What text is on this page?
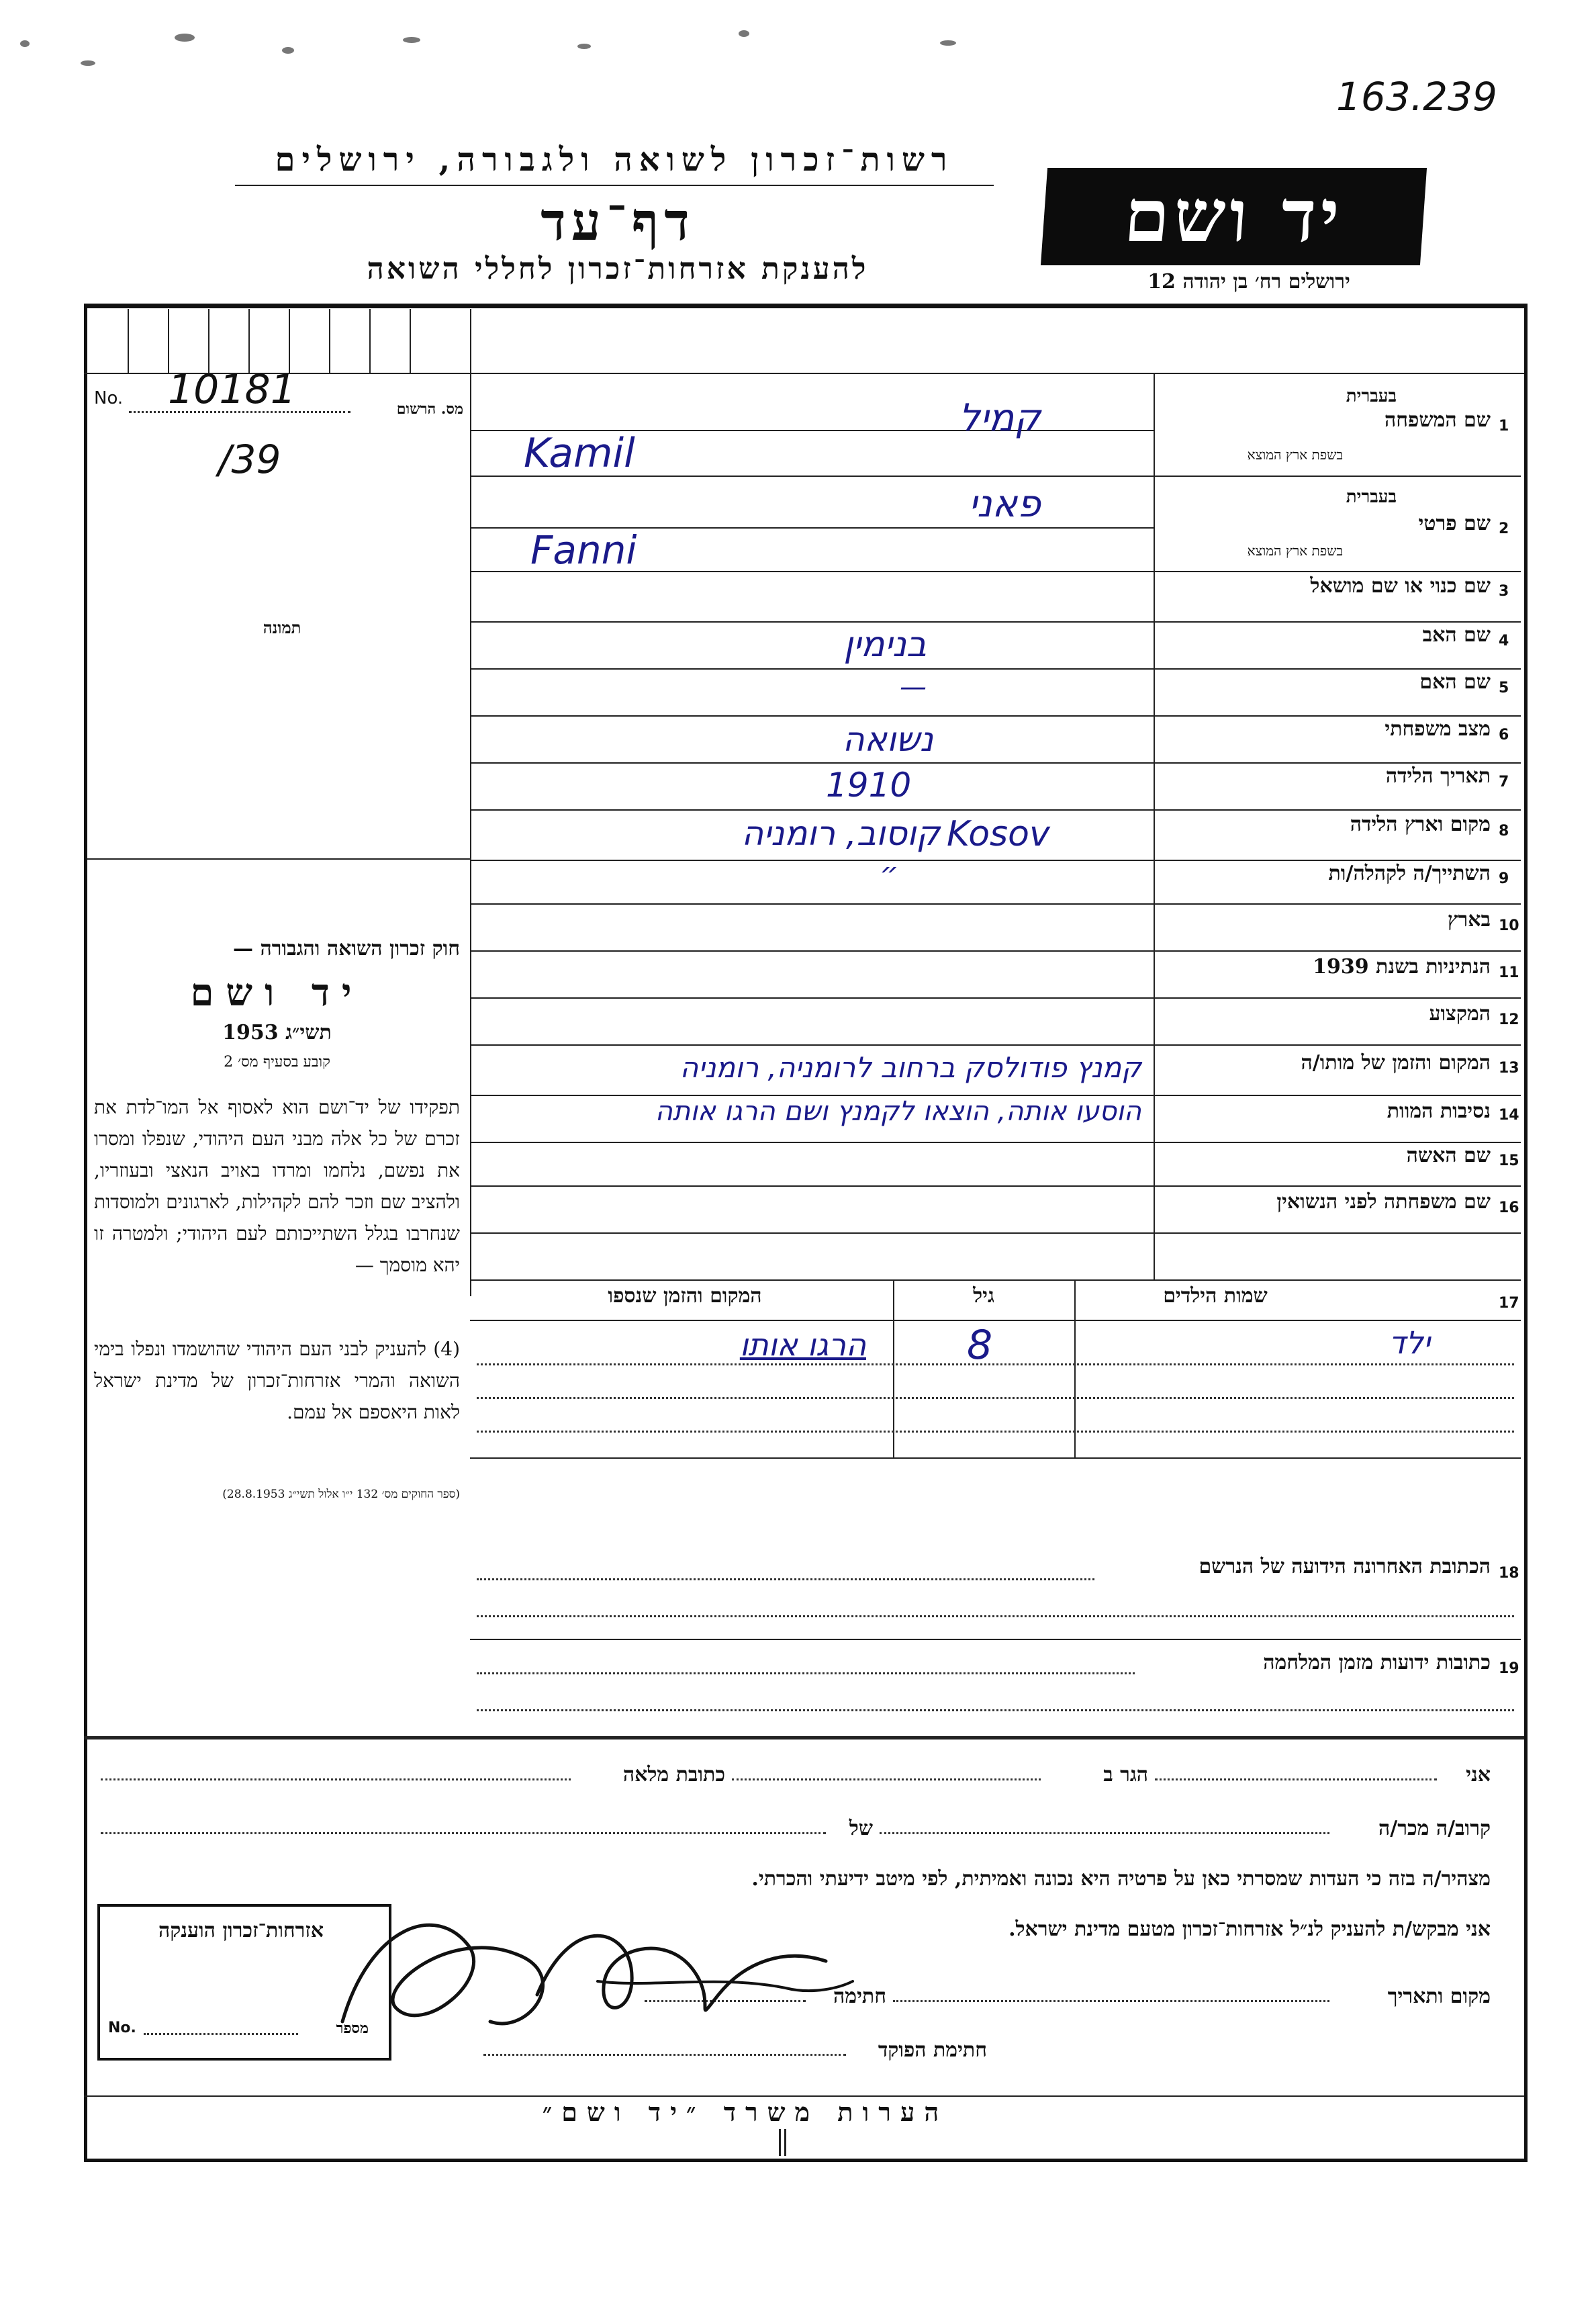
163.239
רשות־זכרון לשואה ולגבורה, ירושלים
דף־עד
להענקת אזרחות־זכרון לחללי השואה
יד ושם
ירושלים רח׳ בן יהודה 12
No. 10181	מס. הרשום
/39
תמונה
חוק זכרון השואה והגבורה —
יד ושם
תשי״ג 1953
קובע בסעיף מס׳ 2
תפקידו של יד־ושם הוא לאסוף אל המו־לדת את זכרם של כל אלה מבני העם היהודי, שנפלו ומסרו את נפשם, נלחמו ומרדו באויב הנאצי ובעוזריו, ולהציב שם וזכר להם לקהילות, לארגונים ולמוסדות שנחרבו בגלל השתייכותם לעם היהודי; ולמטרה זו יהא מוסמך —
(4) להעניק לבני העם היהודי שהושמדו ונפלו בימי השואה והמרי אזרחות־זכרון של מדינת ישראל לאות היאספם אל עמם.
(ספר החוקים מס׳ 132 י״ו אלול תשי״ג 28.8.1953)
1
שם המשפחה
בעברית
בשפת ארץ המוצא
קמיל
Kamil
2
שם פרטי
בעברית
בשפת ארץ המוצא
פאני
Fanni
3
שם כנוי או שם מושאל
4
שם האב
בנימין
5
שם האם
—
6
מצב משפחתי
נשואה
7
תאריך הלידה
1910
8
מקום וארץ הלידה
קוסוב, רומניה Kosov
9
השתייך/ה לקהלה/ות
״
10
בארץ
11
הנתיניות בשנת 1939
12
המקצוע
13
המקום והזמן של מותו/ה
קמנץ פודולסק ברחוב לרומניה, רומניה
14
נסיבות המוות
הוסעו אותה, הוצאו לקמנץ ושם הרגו אותה
15
שם האשה
16
שם משפחתה לפני הנשואין
17
שמות הילדים
גיל
המקום והזמן שנספו
ילד
8
הרגו אותו
18
הכתובת האחרונה הידועה של הנרשם
19
כתובות ידועות מזמן המלחמה
אני
הגר ב
כתובת מלאה
קרוב/ה מכר/ה
של
מצהיר/ה בזה כי העדות שמסרתי כאן על פרטיה היא נכונה ואמיתית, לפי מיטב ידיעתי והכרתי.
אני מבקש/ת להעניק לנ״ל אזרחות־זכרון מטעם מדינת ישראל.
מקום ותאריך
חתימה
חתימת הפוקד
אזרחות־זכרון הוענקה
No.	מספר
הערות משרד ״יד ושם״
